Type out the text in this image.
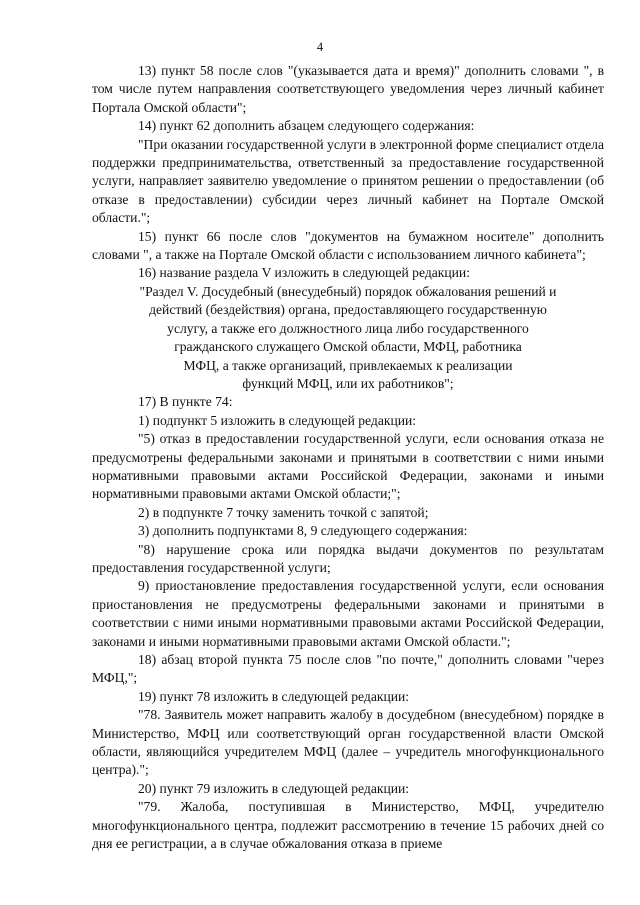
4

13) пункт 58 после слов "(указывается дата и время)" дополнить словами ", в том числе путем направления соответствующего уведомления через личный кабинет Портала Омской области";

14) пункт 62 дополнить абзацем следующего содержания:

"При оказании государственной услуги в электронной форме специалист отдела поддержки предпринимательства, ответственный за предоставление государственной услуги, направляет заявителю уведомление о принятом решении о предоставлении (об отказе в предоставлении) субсидии через личный кабинет на Портале Омской области.";

15) пункт 66 после слов "документов на бумажном носителе" дополнить словами ", а также на Портале Омской области с использованием личного кабинета";

16) название раздела V изложить в следующей редакции:

"Раздел V. Досудебный (внесудебный) порядок обжалования решений и

действий (бездействия) органа, предоставляющего государственную

услугу, а также его должностного лица либо государственного

гражданского служащего Омской области, МФЦ, работника

МФЦ, а также организаций, привлекаемых к реализации

функций МФЦ, или их работников";

17) В пункте 74:

1) подпункт 5 изложить в следующей редакции:

"5) отказ в предоставлении государственной услуги, если основания отказа не предусмотрены федеральными законами и принятыми в соответствии с ними иными нормативными правовыми актами Российской Федерации, законами и иными нормативными правовыми актами Омской области;";

2) в подпункте 7 точку заменить точкой с запятой;

3) дополнить подпунктами 8, 9 следующего содержания:

"8) нарушение срока или порядка выдачи документов по результатам предоставления государственной услуги;

9) приостановление предоставления государственной услуги, если основания приостановления не предусмотрены федеральными законами и принятыми в соответствии с ними иными нормативными правовыми актами Российской Федерации, законами и иными нормативными правовыми актами Омской области.";

18) абзац второй пункта 75 после слов "по почте," дополнить словами "через МФЦ,";

19) пункт 78 изложить в следующей редакции:

"78. Заявитель может направить жалобу в досудебном (внесудебном) порядке в Министерство, МФЦ или соответствующий орган государственной власти Омской области, являющийся учредителем МФЦ (далее – учредитель многофункционального центра).";

20) пункт 79 изложить в следующей редакции:

"79. Жалоба, поступившая в Министерство, МФЦ, учредителю многофункционального центра, подлежит рассмотрению в течение 15 рабочих дней со дня ее регистрации, а в случае обжалования отказа в приеме
